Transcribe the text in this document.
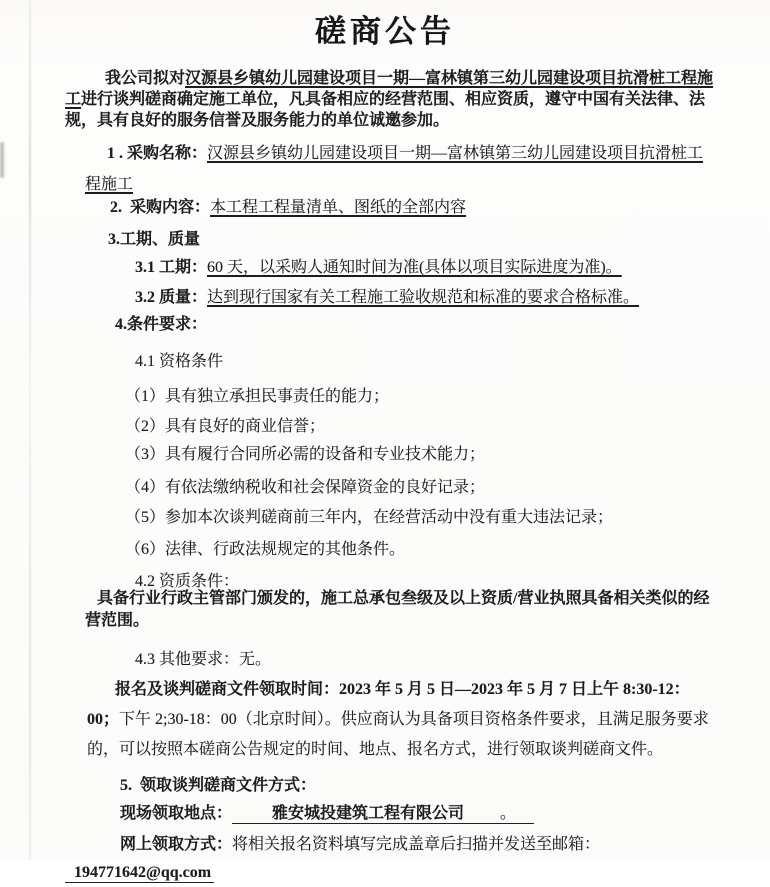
磋商公告

我公司拟对汉源县乡镇幼儿园建设项目一期—富林镇第三幼儿园建设项目抗滑桩工程施工进行谈判磋商确定施工单位，凡具备相应的经营范围、相应资质，遵守中国有关法律、法规，具有良好的服务信誉及服务能力的单位诚邀参加。

1 . 采购名称：汉源县乡镇幼儿园建设项目一期—富林镇第三幼儿园建设项目抗滑桩工程施工

2.  采购内容：本工程工程量清单、图纸的全部内容

3.工期、质量

3.1 工期：60 天，以采购人通知时间为准(具体以项目实际进度为准)。

3.2 质量：达到现行国家有关工程施工验收规范和标准的要求合格标准。

4.条件要求：

4.1 资格条件

（1）具有独立承担民事责任的能力；

（2）具有良好的商业信誉；

（3）具有履行合同所必需的设备和专业技术能力；

（4）有依法缴纳税收和社会保障资金的良好记录；

（5）参加本次谈判磋商前三年内，在经营活动中没有重大违法记录；

（6）法律、行政法规规定的其他条件。

4.2 资质条件：

具备行业行政主管部门颁发的，施工总承包叁级及以上资质/营业执照具备相关类似的经营范围。

4.3 其他要求：无。

报名及谈判磋商文件领取时间：2023 年 5 月 5 日—2023 年 5 月 7 日上午 8:30-12：00；下午 2;30-18：00（北京时间）。供应商认为具备项目资格条件要求，且满足服务要求的，可以按照本磋商公告规定的时间、地点、报名方式，进行领取谈判磋商文件。

5.  领取谈判磋商文件方式：

现场领取地点：	雅安城投建筑工程有限公司 。

网上领取方式：将相关报名资料填写完成盖章后扫描并发送至邮箱： 194771642@qq.com
